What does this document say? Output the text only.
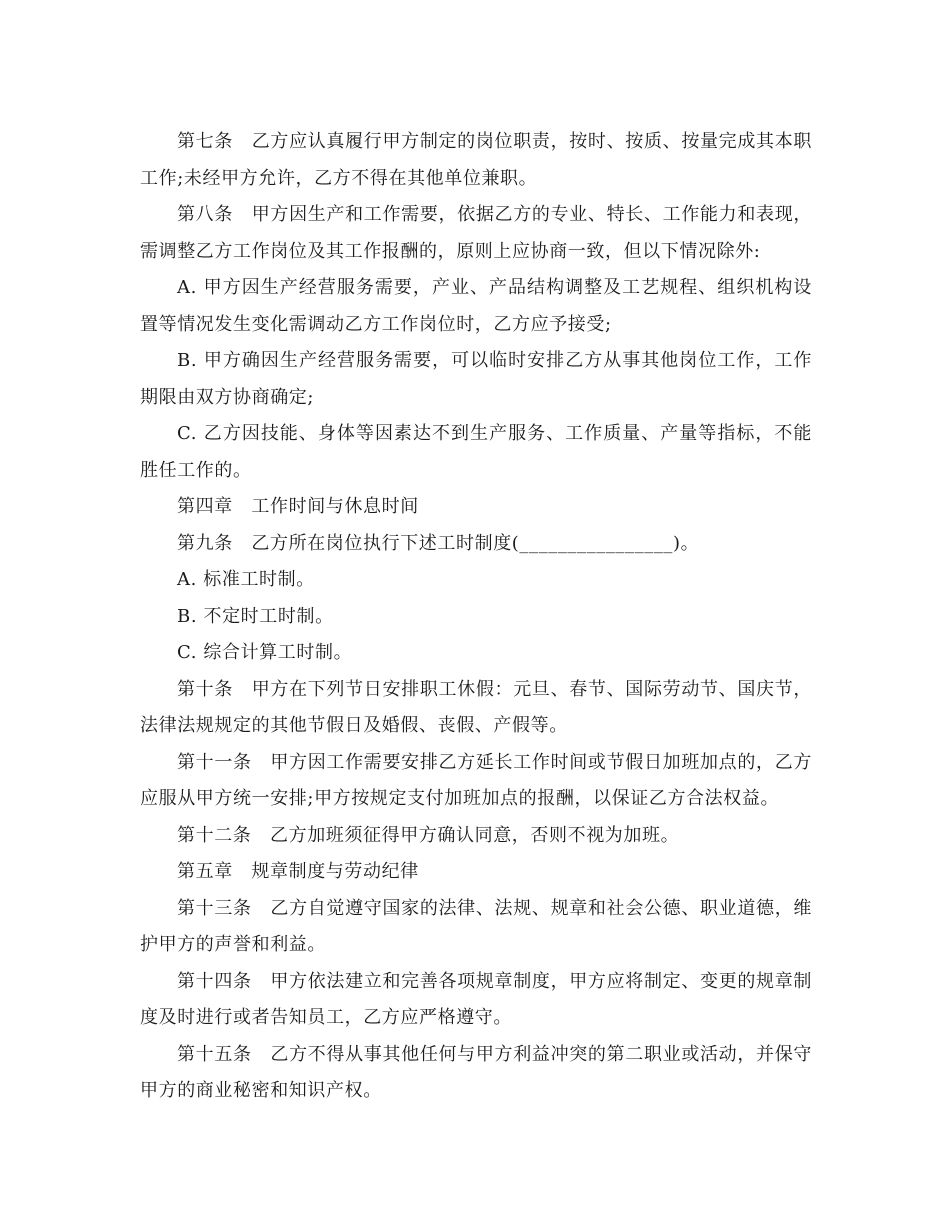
第七条　乙方应认真履行甲方制定的岗位职责，按时、按质、按量完成其本职工作;未经甲方允许，乙方不得在其他单位兼职。

第八条　甲方因生产和工作需要，依据乙方的专业、特长、工作能力和表现，需调整乙方工作岗位及其工作报酬的，原则上应协商一致，但以下情况除外:

A. 甲方因生产经营服务需要，产业、产品结构调整及工艺规程、组织机构设置等情况发生变化需调动乙方工作岗位时，乙方应予接受;

B. 甲方确因生产经营服务需要，可以临时安排乙方从事其他岗位工作，工作期限由双方协商确定;

C. 乙方因技能、身体等因素达不到生产服务、工作质量、产量等指标，不能胜任工作的。

第四章　工作时间与休息时间

第九条　乙方所在岗位执行下述工时制度(________________)。

A. 标准工时制。

B. 不定时工时制。

C. 综合计算工时制。

第十条　甲方在下列节日安排职工休假：元旦、春节、国际劳动节、国庆节，法律法规规定的其他节假日及婚假、丧假、产假等。

第十一条　甲方因工作需要安排乙方延长工作时间或节假日加班加点的，乙方应服从甲方统一安排;甲方按规定支付加班加点的报酬，以保证乙方合法权益。

第十二条　乙方加班须征得甲方确认同意，否则不视为加班。

第五章　规章制度与劳动纪律

第十三条　乙方自觉遵守国家的法律、法规、规章和社会公德、职业道德，维护甲方的声誉和利益。

第十四条　甲方依法建立和完善各项规章制度，甲方应将制定、变更的规章制度及时进行或者告知员工，乙方应严格遵守。

第十五条　乙方不得从事其他任何与甲方利益冲突的第二职业或活动，并保守甲方的商业秘密和知识产权。
